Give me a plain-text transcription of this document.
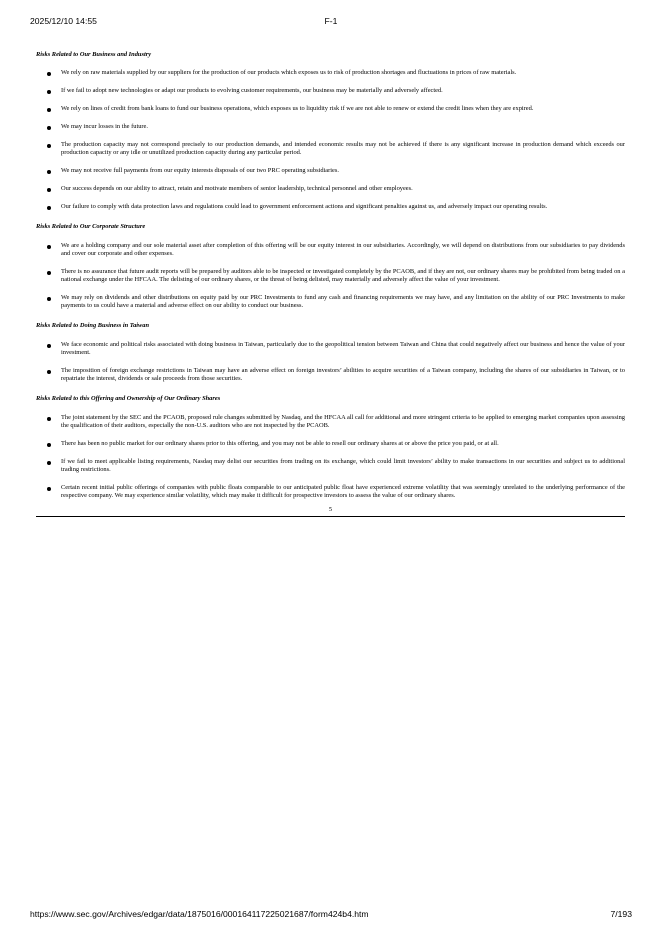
2025/12/10 14:55	F-1

Risks Related to Our Business and Industry

We rely on raw materials supplied by our suppliers for the production of our products which exposes us to risk of production shortages and fluctuations in prices of raw materials.
If we fail to adopt new technologies or adapt our products to evolving customer requirements, our business may be materially and adversely affected.
We rely on lines of credit from bank loans to fund our business operations, which exposes us to liquidity risk if we are not able to renew or extend the credit lines when they are expired.
We may incur losses in the future.
The production capacity may not correspond precisely to our production demands, and intended economic results may not be achieved if there is any significant increase in production demand which exceeds our production capacity or any idle or unutilized production capacity during any particular period.
We may not receive full payments from our equity interests disposals of our two PRC operating subsidiaries.
Our success depends on our ability to attract, retain and motivate members of senior leadership, technical personnel and other employees.
Our failure to comply with data protection laws and regulations could lead to government enforcement actions and significant penalties against us, and adversely impact our operating results.

Risks Related to Our Corporate Structure

We are a holding company and our sole material asset after completion of this offering will be our equity interest in our subsidiaries. Accordingly, we will depend on distributions from our subsidiaries to pay dividends and cover our corporate and other expenses.
There is no assurance that future audit reports will be prepared by auditors able to be inspected or investigated completely by the PCAOB, and if they are not, our ordinary shares may be prohibited from being traded on a national exchange under the HFCAA. The delisting of our ordinary shares, or the threat of being delisted, may materially and adversely affect the value of your investment.
We may rely on dividends and other distributions on equity paid by our PRC Investments to fund any cash and financing requirements we may have, and any limitation on the ability of our PRC Investments to make payments to us could have a material and adverse effect on our ability to conduct our business.

Risks Related to Doing Business in Taiwan

We face economic and political risks associated with doing business in Taiwan, particularly due to the geopolitical tension between Taiwan and China that could negatively affect our business and hence the value of your investment.
The imposition of foreign exchange restrictions in Taiwan may have an adverse effect on foreign investors’ abilities to acquire securities of a Taiwan company, including the shares of our subsidiaries in Taiwan, or to repatriate the interest, dividends or sale proceeds from those securities.

Risks Related to this Offering and Ownership of Our Ordinary Shares

The joint statement by the SEC and the PCAOB, proposed rule changes submitted by Nasdaq, and the HFCAA all call for additional and more stringent criteria to be applied to emerging market companies upon assessing the qualification of their auditors, especially the non-U.S. auditors who are not inspected by the PCAOB.
There has been no public market for our ordinary shares prior to this offering, and you may not be able to resell our ordinary shares at or above the price you paid, or at all.
If we fail to meet applicable listing requirements, Nasdaq may delist our securities from trading on its exchange, which could limit investors’ ability to make transactions in our securities and subject us to additional trading restrictions.
Certain recent initial public offerings of companies with public floats comparable to our anticipated public float have experienced extreme volatility that was seemingly unrelated to the underlying performance of the respective company. We may experience similar volatility, which may make it difficult for prospective investors to assess the value of our ordinary shares.
5
https://www.sec.gov/Archives/edgar/data/1875016/000164117225021687/form424b4.htm	7/193
